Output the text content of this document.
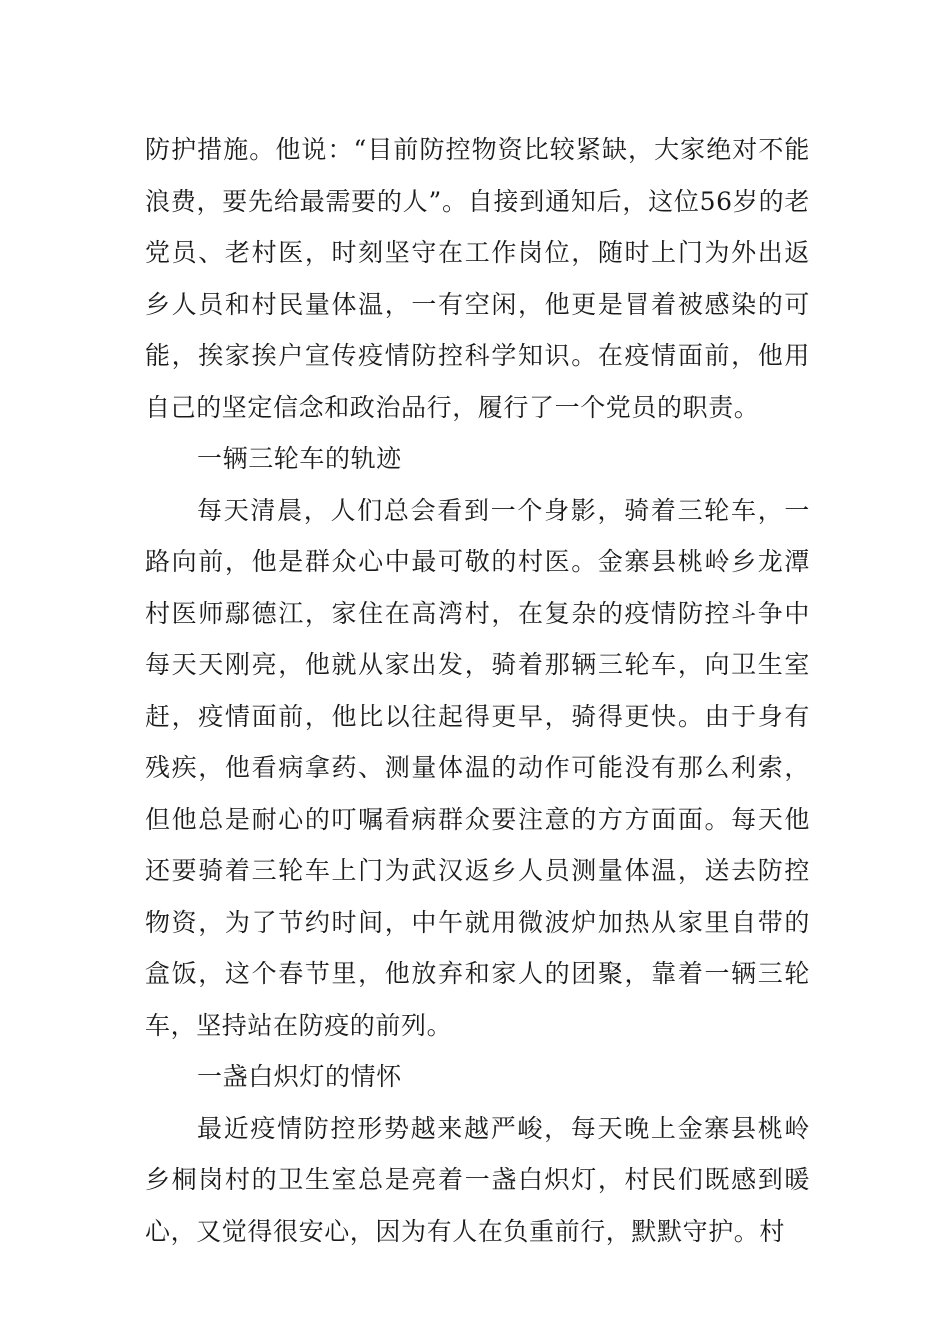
防护措施。他说：“目前防控物资比较紧缺，大家绝对不能浪费，要先给最需要的人”。自接到通知后，这位56岁的老党员、老村医，时刻坚守在工作岗位，随时上门为外出返乡人员和村民量体温，一有空闲，他更是冒着被感染的可能，挨家挨户宣传疫情防控科学知识。在疫情面前，他用自己的坚定信念和政治品行，履行了一个党员的职责。

一辆三轮车的轨迹

每天清晨，人们总会看到一个身影，骑着三轮车，一路向前，他是群众心中最可敬的村医。金寨县桃岭乡龙潭村医师鄢德江，家住在高湾村，在复杂的疫情防控斗争中每天天刚亮，他就从家出发，骑着那辆三轮车，向卫生室赶，疫情面前，他比以往起得更早，骑得更快。由于身有残疾，他看病拿药、测量体温的动作可能没有那么利索，但他总是耐心的叮嘱看病群众要注意的方方面面。每天他还要骑着三轮车上门为武汉返乡人员测量体温，送去防控物资，为了节约时间，中午就用微波炉加热从家里自带的盒饭，这个春节里，他放弃和家人的团聚，靠着一辆三轮车，坚持站在防疫的前列。

一盏白炽灯的情怀

最近疫情防控形势越来越严峻，每天晚上金寨县桃岭乡桐岗村的卫生室总是亮着一盏白炽灯，村民们既感到暖心，又觉得很安心，因为有人在负重前行，默默守护。村
